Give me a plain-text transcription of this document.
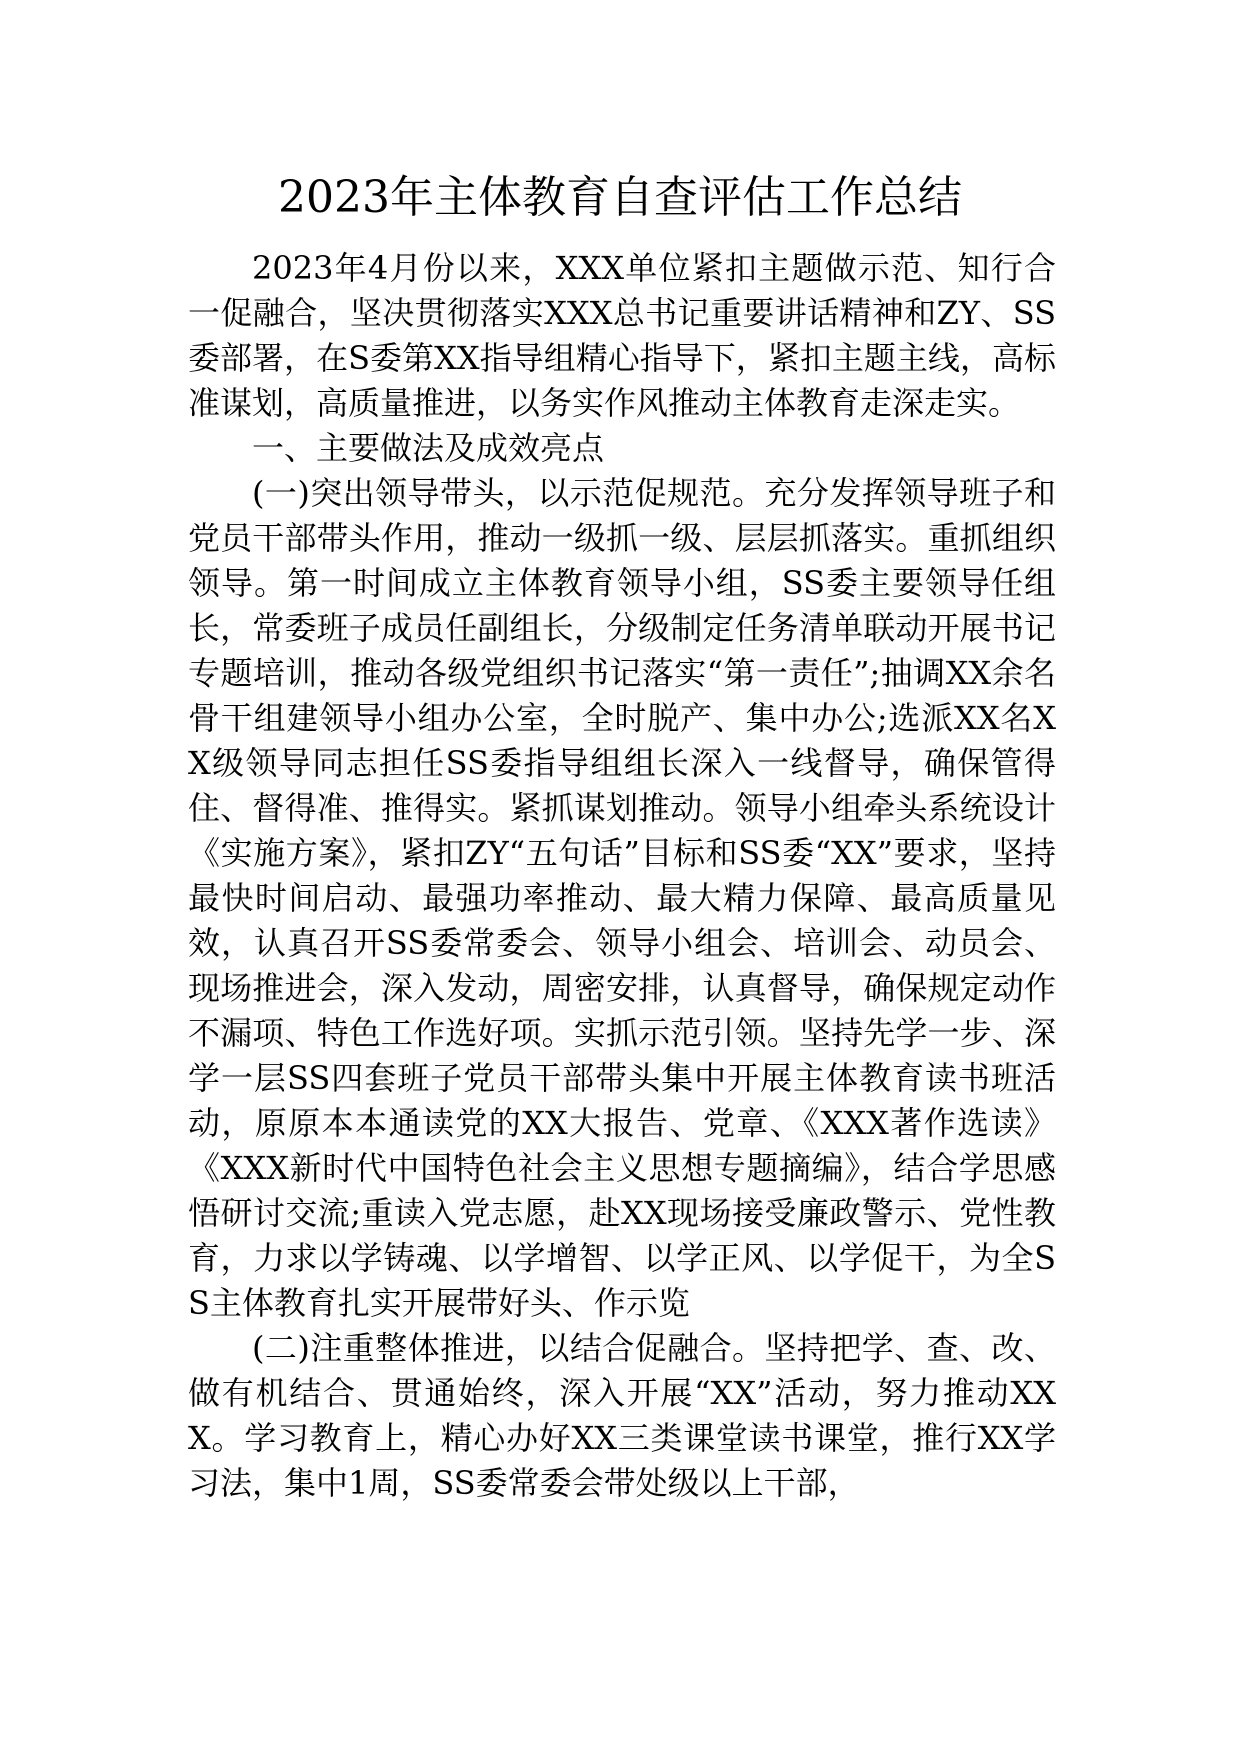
2023年主体教育自查评估工作总结

2023年4月份以来，XXX单位紧扣主题做示范、知行合一促融合，坚决贯彻落实XXX总书记重要讲话精神和ZY、SS委部署，在S委第XX指导组精心指导下，紧扣主题主线，高标准谋划，高质量推进，以务实作风推动主体教育走深走实。

一、主要做法及成效亮点

(一)突出领导带头，以示范促规范。充分发挥领导班子和党员干部带头作用，推动一级抓一级、层层抓落实。重抓组织领导。第一时间成立主体教育领导小组，SS委主要领导任组长，常委班子成员任副组长，分级制定任务清单联动开展书记专题培训，推动各级党组织书记落实“第一责任”;抽调XX余名骨干组建领导小组办公室，全时脱产、集中办公;选派XX名XX级领导同志担任SS委指导组组长深入一线督导，确保管得住、督得准、推得实。紧抓谋划推动。领导小组牵头系统设计《实施方案》，紧扣ZY“五句话”目标和SS委“XX”要求，坚持最快时间启动、最强功率推动、最大精力保障、最高质量见效，认真召开SS委常委会、领导小组会、培训会、动员会、现场推进会，深入发动，周密安排，认真督导，确保规定动作不漏项、特色工作选好项。实抓示范引领。坚持先学一步、深学一层SS四套班子党员干部带头集中开展主体教育读书班活动，原原本本通读党的XX大报告、党章、《XXX著作选读》《XXX新时代中国特色社会主义思想专题摘编》，结合学思感悟研讨交流;重读入党志愿，赴XX现场接受廉政警示、党性教育，力求以学铸魂、以学增智、以学正风、以学促干，为全SS主体教育扎实开展带好头、作示览

(二)注重整体推进，以结合促融合。坚持把学、查、改、做有机结合、贯通始终，深入开展“XX”活动，努力推动XXX。学习教育上，精心办好XX三类课堂读书课堂，推行XX学习法，集中1周，SS委常委会带处级以上干部，
